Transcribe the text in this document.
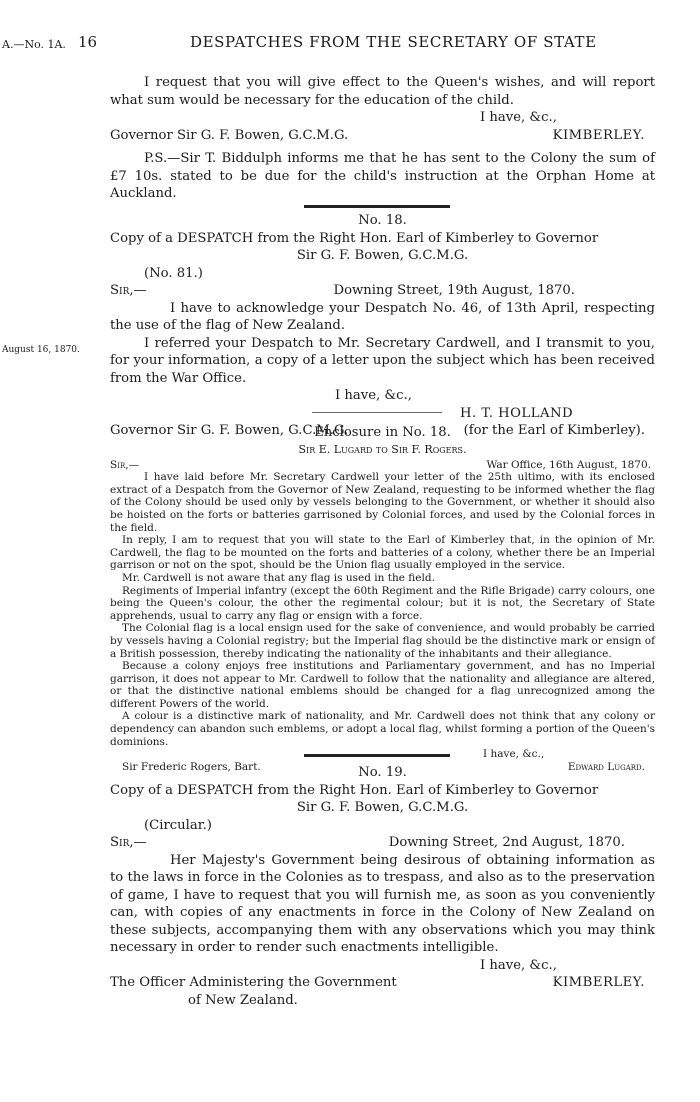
A.—No. 1A. 16	DESPATCHES FROM THE SECRETARY OF STATE

I request that you will give effect to the Queen's wishes, and will report what sum would be necessary for the education of the child.

I have, &c.,
Governor Sir G. F. Bowen, G.C.M.G.	KIMBERLEY.

P.S.—Sir T. Biddulph informs me that he has sent to the Colony the sum of £7 10s. stated to be due for the child's instruction at the Orphan Home at Auckland.

No. 18.
Copy of a DESPATCH from the Right Hon. Earl of Kimberley to Governor
Sir G. F. Bowen, G.C.M.G.
(No. 81.)
Sir,—	Downing Street, 19th August, 1870.

I have to acknowledge your Despatch No. 46, of 13th April, respecting the use of the flag of New Zealand.

I referred your Despatch to Mr. Secretary Cardwell, and I transmit to you, for your information, a copy of a letter upon the subject which has been received from the War Office.

I have, &c.,
H. T. HOLLAND
Governor Sir G. F. Bowen, G.C.M.G.	(for the Earl of Kimberley).
August 16, 1870.
Enclosure in No. 18.
Sir E. Lugard to Sir F. Rogers.
Sir,—	War Office, 16th August, 1870.

I have laid before Mr. Secretary Cardwell your letter of the 25th ultimo, with its enclosed extract of a Despatch from the Governor of New Zealand, requesting to be informed whether the flag of the Colony should be used only by vessels belonging to the Government, or whether it should also be hoisted on the forts or batteries garrisoned by Colonial forces, and used by the Colonial forces in the field.

In reply, I am to request that you will state to the Earl of Kimberley that, in the opinion of Mr. Cardwell, the flag to be mounted on the forts and batteries of a colony, whether there be an Imperial garrison or not on the spot, should be the Union flag usually employed in the service.

Mr. Cardwell is not aware that any flag is used in the field.

Regiments of Imperial infantry (except the 60th Regiment and the Rifle Brigade) carry colours, one being the Queen's colour, the other the regimental colour; but it is not, the Secretary of State apprehends, usual to carry any flag or ensign with a force.

The Colonial flag is a local ensign used for the sake of convenience, and would probably be carried by vessels having a Colonial registry; but the Imperial flag should be the distinctive mark or ensign of a British possession, thereby indicating the nationality of the inhabitants and their allegiance.

Because a colony enjoys free institutions and Parliamentary government, and has no Imperial garrison, it does not appear to Mr. Cardwell to follow that the nationality and allegiance are altered, or that the distinctive national emblems should be changed for a flag unrecognized among the different Powers of the world.

A colour is a distinctive mark of nationality, and Mr. Cardwell does not think that any colony or dependency can abandon such emblems, or adopt a local flag, whilst forming a portion of the Queen's dominions.

I have, &c.,
Sir Frederic Rogers, Bart.	Edward Lugard.
No. 19.
Copy of a DESPATCH from the Right Hon. Earl of Kimberley to Governor
Sir G. F. Bowen, G.C.M.G.
(Circular.)
Sir,—	Downing Street, 2nd August, 1870.

Her Majesty's Government being desirous of obtaining information as to the laws in force in the Colonies as to trespass, and also as to the preservation of game, I have to request that you will furnish me, as soon as you conveniently can, with copies of any enactments in force in the Colony of New Zealand on these subjects, accompanying them with any observations which you may think necessary in order to render such enactments intelligible.

I have, &c.,
The Officer Administering the Government	KIMBERLEY.
of New Zealand.
